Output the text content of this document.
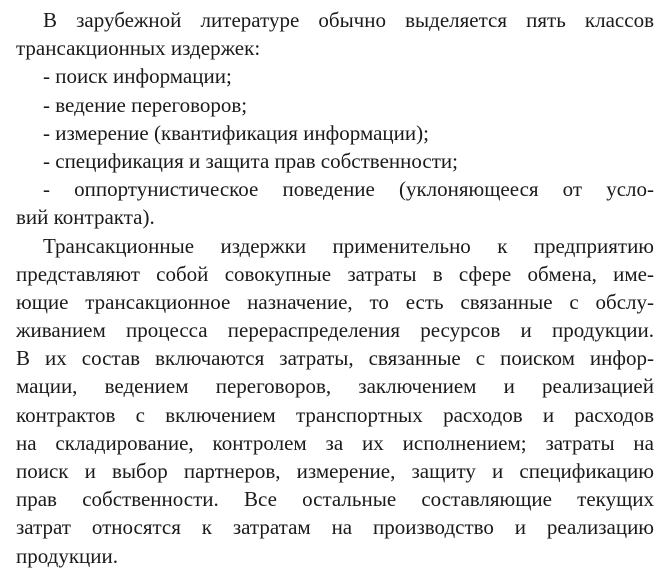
В зарубежной литературе обычно выделяется пять классов
трансакционных издержек:
- поиск информации;
- ведение переговоров;
- измерение (квантификация информации);
- спецификация и защита прав собственности;
- оппортунистическое поведение (уклоняющееся от усло-
вий контракта).
Трансакционные издержки применительно к предприятию
представляют собой совокупные затраты в сфере обмена, име-
ющие трансакционное назначение, то есть связанные с обслу-
живанием процесса перераспределения ресурсов и продукции.
В их состав включаются затраты, связанные с поиском инфор-
мации, ведением переговоров, заключением и реализацией
контрактов с включением транспортных расходов и расходов
на складирование, контролем за их исполнением; затраты на
поиск и выбор партнеров, измерение, защиту и спецификацию
прав собственности. Все остальные составляющие текущих
затрат относятся к затратам на производство и реализацию
продукции.
